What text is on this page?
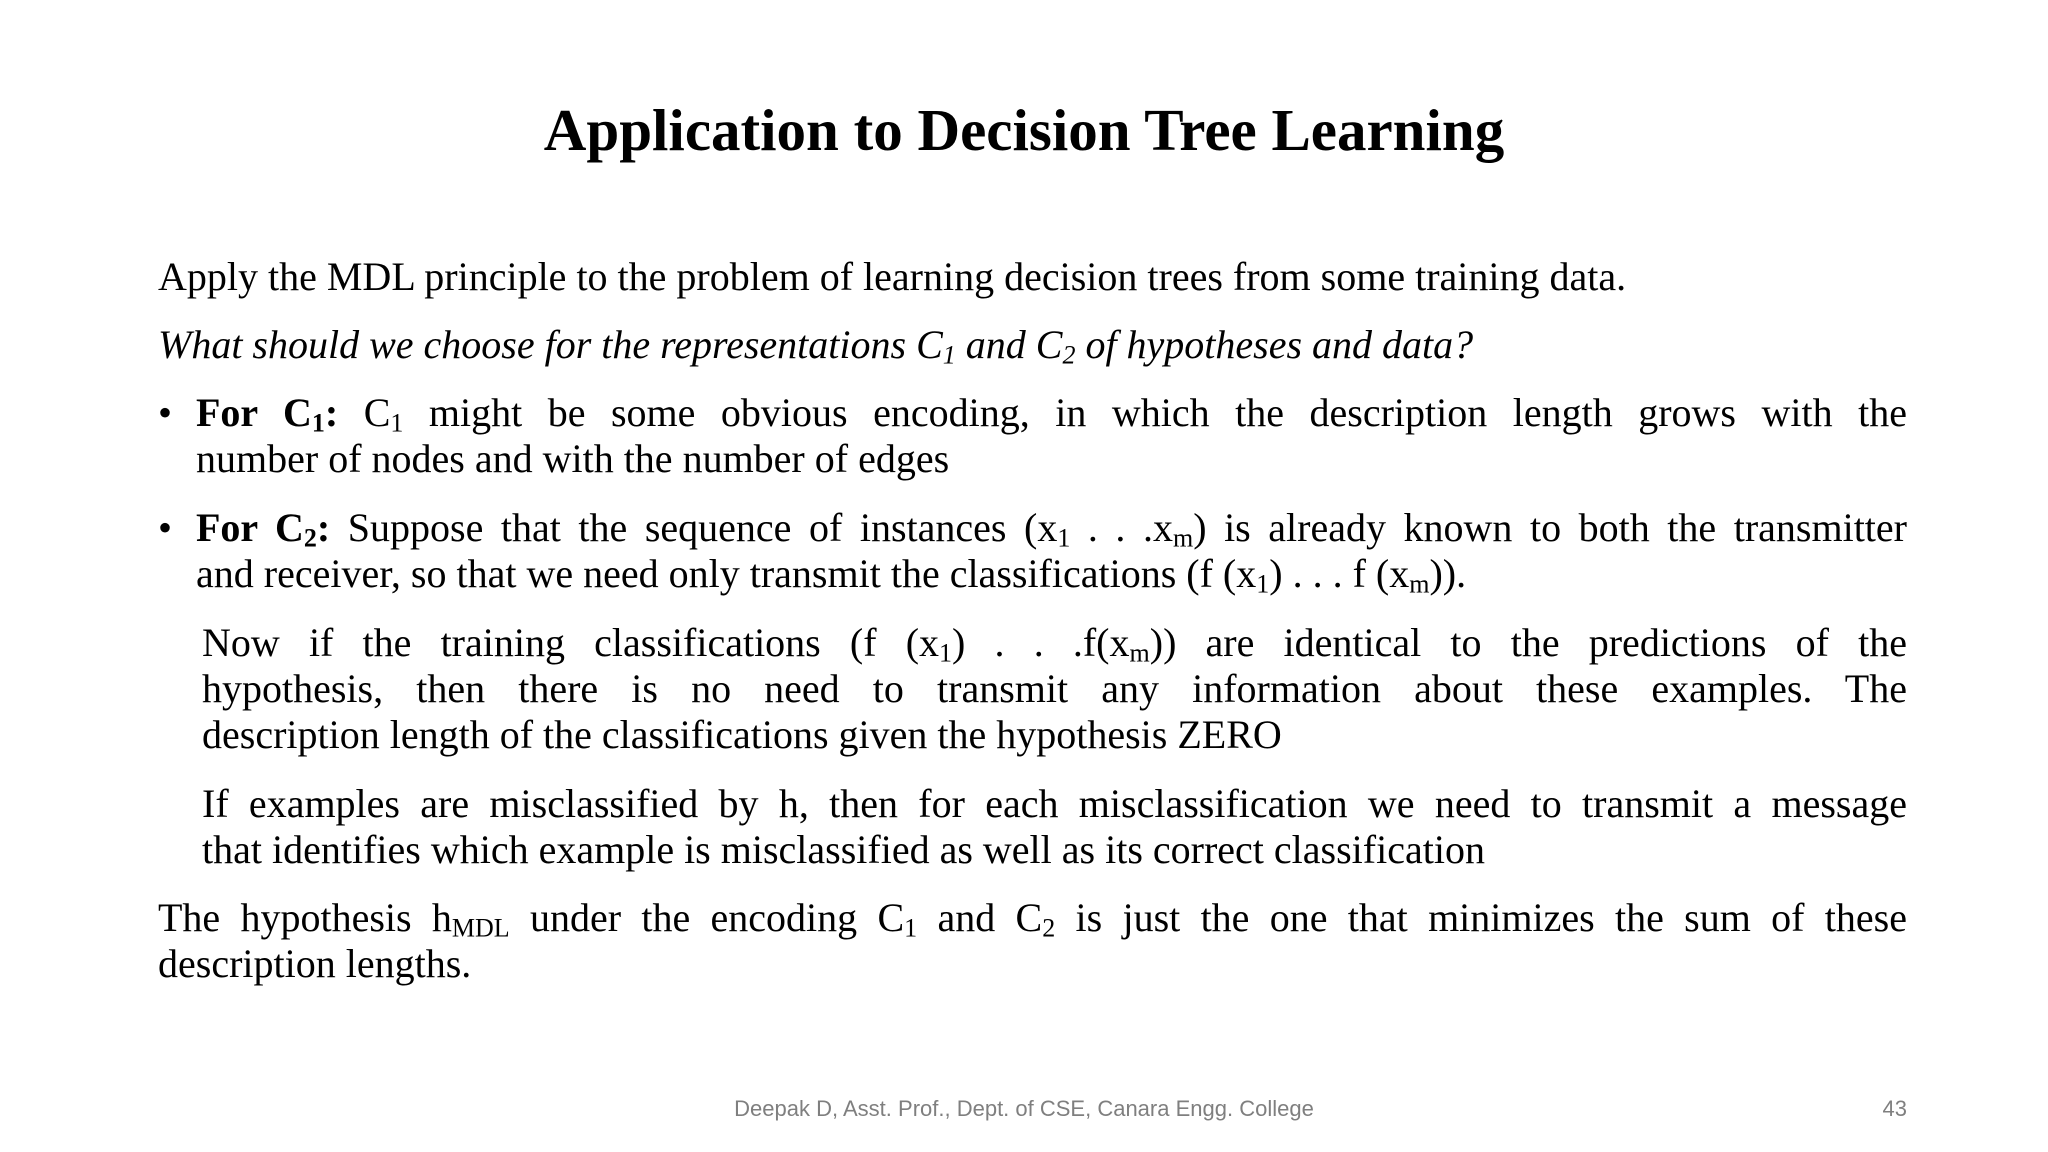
Application to Decision Tree Learning
Apply the MDL principle to the problem of learning decision trees from some training data.
What should we choose for the representations $C_1$ and $C_2$ of hypotheses and data?
• For $C_1$: $C_1$ might be some obvious encoding, in which the description length grows with the
number of nodes and with the number of edges
• For $C_2$: Suppose that the sequence of instances ($x_1$ . . $.x_m$) is already known to both the transmitter
and receiver, so that we need only transmit the classifications (f $(x_1)$ . . . f $(x_m)$).
Now if the training classifications (f $(x_1)$ . . $.f(x_m)$) are identical to the predictions of the
hypothesis, then there is no need to transmit any information about these examples. The
description length of the classifications given the hypothesis ZERO
If examples are misclassified by h, then for each misclassification we need to transmit a message
that identifies which example is misclassified as well as its correct classification
The hypothesis $h_{MDL}$ under the encoding $C_1$ and $C_2$ is just the one that minimizes the sum of these
description lengths.
Deepak D, Asst. Prof., Dept. of CSE, Canara Engg. College	43
